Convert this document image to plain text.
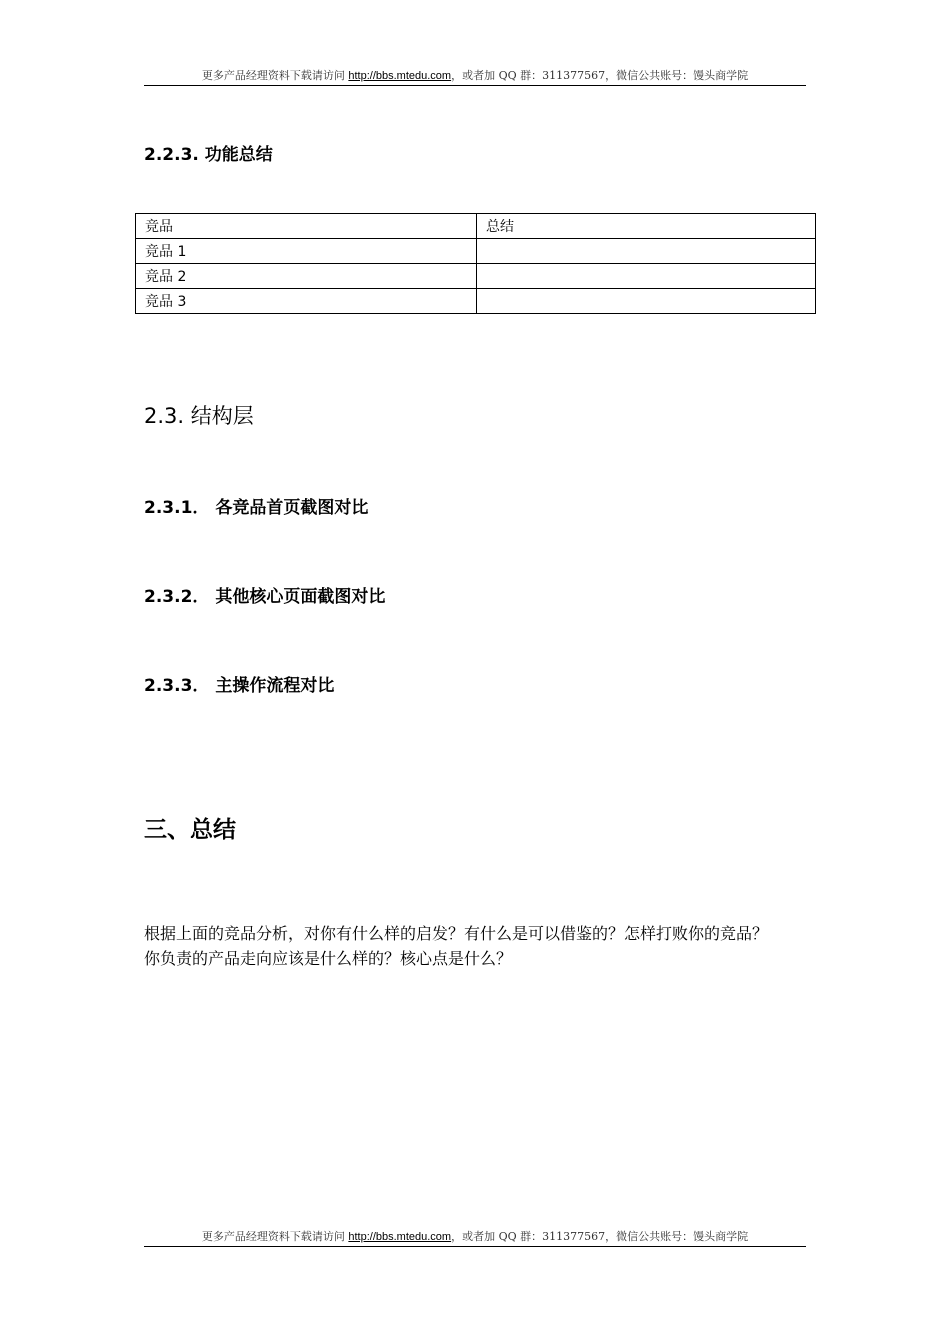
更多产品经理资料下载请访问 http://bbs.mtedu.com，或者加 QQ 群：311377567，微信公共账号：馒头商学院
2.2.3. 功能总结
竞品	总结
竞品 1	
竞品 2	
竞品 3	
2.3. 结构层
2.3.1． 各竞品首页截图对比
2.3.2． 其他核心页面截图对比
2.3.3． 主操作流程对比
三、总结
根据上面的竞品分析，对你有什么样的启发？有什么是可以借鉴的？怎样打败你的竞品？
你负责的产品走向应该是什么样的？核心点是什么？
更多产品经理资料下载请访问 http://bbs.mtedu.com，或者加 QQ 群：311377567，微信公共账号：馒头商学院
